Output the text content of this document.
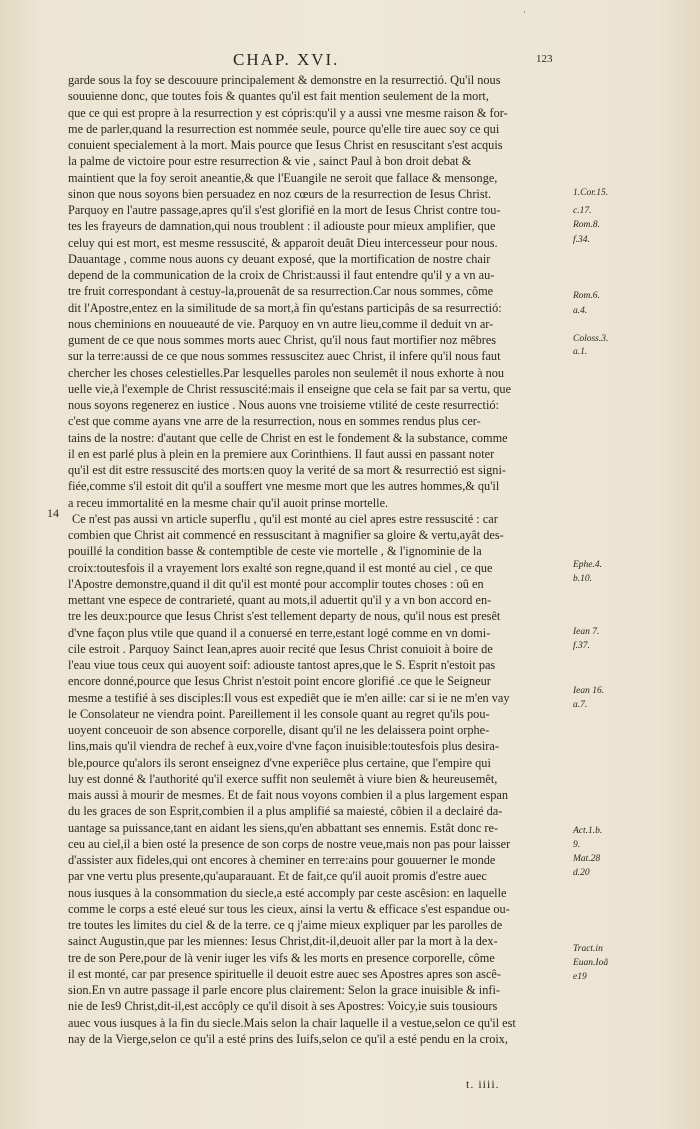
·
CHAP. XVI.	123
garde sous la foy se descouure principalement & demonstre en la resurrectió. Qu'il nous
souuienne donc, que toutes fois & quantes qu'il est fait mention seulement de la mort,
que ce qui est propre à la resurrection y est cópris:qu'il y a aussi vne mesme raison & for-
me de parler,quand la resurrection est nommée seule, pource qu'elle tire auec soy ce qui
conuient specialement à la mort. Mais pource que Iesus Christ en resuscitant s'est acquis
la palme de victoire pour estre resurrection & vie , sainct Paul à bon droit debat &
maintient que la foy seroit aneantie,& que l'Euangile ne seroit que fallace & mensonge,
sinon que nous soyons bien persuadez en noz cœurs de la resurrection de Iesus Christ.
Parquoy en l'autre passage,apres qu'il s'est glorifié en la mort de Iesus Christ contre tou-
tes les frayeurs de damnation,qui nous troublent : il adiouste pour mieux amplifier, que
celuy qui est mort, est mesme ressuscité, & apparoit deuât Dieu intercesseur pour nous.
Dauantage , comme nous auons cy deuant exposé, que la mortification de nostre chair
depend de la communication de la croix de Christ:aussi il faut entendre qu'il y a vn au-
tre fruit correspondant à cestuy-la,prouenât de sa resurrection.Car nous sommes, côme
dit l'Apostre,entez en la similitude de sa mort,à fin qu'estans participâs de sa resurrectió:
nous cheminions en nouueauté de vie. Parquoy en vn autre lieu,comme il deduit vn ar-
gument de ce que nous sommes morts auec Christ, qu'il nous faut mortifier noz mêbres
sur la terre:aussi de ce que nous sommes ressuscitez auec Christ, il infere qu'il nous faut
chercher les choses celestielles.Par lesquelles paroles non seulemêt il nous exhorte à nou
uelle vie,à l'exemple de Christ ressuscité:mais il enseigne que cela se fait par sa vertu, que
nous soyons regenerez en iustice . Nous auons vne troisieme vtilité de ceste resurrectió:
c'est que comme ayans vne arre de la resurrection, nous en sommes rendus plus cer-
tains de la nostre: d'autant que celle de Christ en est le fondement & la substance, comme
il en est parlé plus à plein en la premiere aux Corinthiens. Il faut aussi en passant noter
qu'il est dit estre ressuscité des morts:en quoy la verité de sa mort & resurrectió est signi-
fiée,comme s'il estoit dit qu'il a souffert vne mesme mort que les autres hommes,& qu'il
a receu immortalité en la mesme chair qu'il auoit prinse mortelle.
Ce n'est pas aussi vn article superflu , qu'il est monté au ciel apres estre ressuscité : car
combien que Christ ait commencé en ressuscitant à magnifier sa gloire & vertu,ayât des-
pouillé la condition basse & contemptible de ceste vie mortelle , & l'ignominie de la
croix:toutesfois il a vrayement lors exalté son regne,quand il est monté au ciel , ce que
l'Apostre demonstre,quand il dit qu'il est monté pour accomplir toutes choses : oû en
mettant vne espece de contrarieté, quant au mots,il aduertit qu'il y a vn bon accord en-
tre les deux:pource que Iesus Christ s'est tellement departy de nous, qu'il nous est presêt
d'vne façon plus vtile que quand il a conuersé en terre,estant logé comme en vn domi-
cile estroit . Parquoy Sainct Iean,apres auoir recité que Iesus Christ conuioit à boire de
l'eau viue tous ceux qui auoyent soif: adiouste tantost apres,que le S. Esprit n'estoit pas
encore donné,pource que Iesus Christ n'estoit point encore glorifié .ce que le Seigneur
mesme a testifié à ses disciples:Il vous est expediêt que ie m'en aille: car si ie ne m'en vay
le Consolateur ne viendra point. Pareillement il les console quant au regret qu'ils pou-
uoyent conceuoir de son absence corporelle, disant qu'il ne les delaissera point orphe-
lins,mais qu'il viendra de rechef à eux,voire d'vne façon inuisible:toutesfois plus desira-
ble,pource qu'alors ils seront enseignez d'vne experiêce plus certaine, que l'empire qui
luy est donné & l'authorité qu'il exerce suffit non seulemêt à viure bien & heureusemêt,
mais aussi à mourir de mesmes. Et de fait nous voyons combien il a plus largement espan
du les graces de son Esprit,combien il a plus amplifié sa maiesté, côbien il a declairé da-
uantage sa puissance,tant en aidant les siens,qu'en abbattant ses ennemis. Estât donc re-
ceu au ciel,il a bien osté la presence de son corps de nostre veue,mais non pas pour laisser
d'assister aux fideles,qui ont encores à cheminer en terre:ains pour gouuerner le monde
par vne vertu plus presente,qu'auparauant. Et de fait,ce qu'il auoit promis d'estre auec
nous iusques à la consommation du siecle,a esté accomply par ceste ascêsion: en laquelle
comme le corps a esté eleué sur tous les cieux, ainsi la vertu & efficace s'est espandue ou-
tre toutes les limites du ciel & de la terre. ce q j'aime mieux expliquer par les parolles de
sainct Augustin,que par les miennes: Iesus Christ,dit-il,deuoit aller par la mort à la dex-
tre de son Pere,pour de là venir iuger les vifs & les morts en presence corporelle, côme
il est monté, car par presence spirituelle il deuoit estre auec ses Apostres apres son ascê-
sion.En vn autre passage il parle encore plus clairement: Selon la grace inuisible & infi-
nie de Ies9 Christ,dit-il,est accôply ce qu'il disoit à ses Apostres: Voicy,ie suis tousiours
auec vous iusques à la fin du siecle.Mais selon la chair laquelle il a vestue,selon ce qu'il est
nay de la Vierge,selon ce qu'il a esté prins des Iuifs,selon ce qu'il a esté pendu en la croix,
14
1.Cor.15.
c.17.
Rom.8.
f.34.
Rom.6.
a.4.
Coloss.3.
a.1.
Ephe.4.
b.10.
Iean 7.
f.37.
Iean 16.
a.7.
Act.1.b.
9.
Mat.28
d.20
Tract.in
Euan.Ioâ
e19
t. iiii.
